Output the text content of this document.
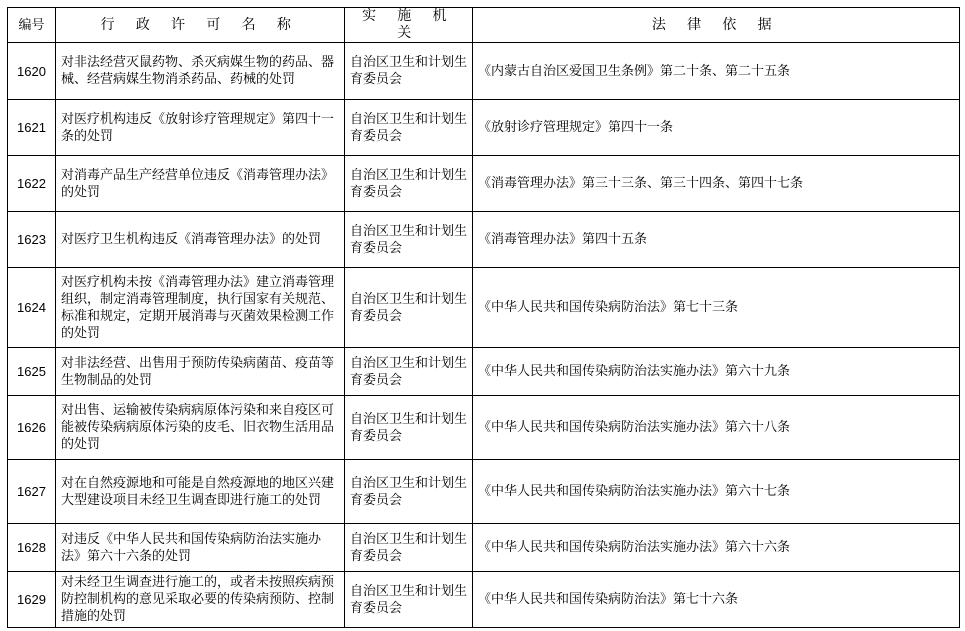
编号	行 政 许 可 名 称	实 施 机 关	法 律 依 据
1620	对非法经营灭鼠药物、杀灭病媒生物的药品、器械、经营病媒生物消杀药品、药械的处罚	自治区卫生和计划生育委员会	《内蒙古自治区爱国卫生条例》第二十条、第二十五条
1621	对医疗机构违反《放射诊疗管理规定》第四十一条的处罚	自治区卫生和计划生育委员会	《放射诊疗管理规定》第四十一条
1622	对消毒产品生产经营单位违反《消毒管理办法》的处罚	自治区卫生和计划生育委员会	《消毒管理办法》第三十三条、第三十四条、第四十七条
1623	对医疗卫生机构违反《消毒管理办法》的处罚	自治区卫生和计划生育委员会	《消毒管理办法》第四十五条
1624	对医疗机构未按《消毒管理办法》建立消毒管理组织，制定消毒管理制度，执行国家有关规范、标准和规定，定期开展消毒与灭菌效果检测工作的处罚	自治区卫生和计划生育委员会	《中华人民共和国传染病防治法》第七十三条
1625	对非法经营、出售用于预防传染病菌苗、疫苗等生物制品的处罚	自治区卫生和计划生育委员会	《中华人民共和国传染病防治法实施办法》第六十九条
1626	对出售、运输被传染病病原体污染和来自疫区可能被传染病病原体污染的皮毛、旧衣物生活用品的处罚	自治区卫生和计划生育委员会	《中华人民共和国传染病防治法实施办法》第六十八条
1627	对在自然疫源地和可能是自然疫源地的地区兴建大型建设项目未经卫生调查即进行施工的处罚	自治区卫生和计划生育委员会	《中华人民共和国传染病防治法实施办法》第六十七条
1628	对违反《中华人民共和国传染病防治法实施办法》第六十六条的处罚	自治区卫生和计划生育委员会	《中华人民共和国传染病防治法实施办法》第六十六条
1629	对未经卫生调查进行施工的，或者未按照疾病预防控制机构的意见采取必要的传染病预防、控制措施的处罚	自治区卫生和计划生育委员会	《中华人民共和国传染病防治法》第七十六条
